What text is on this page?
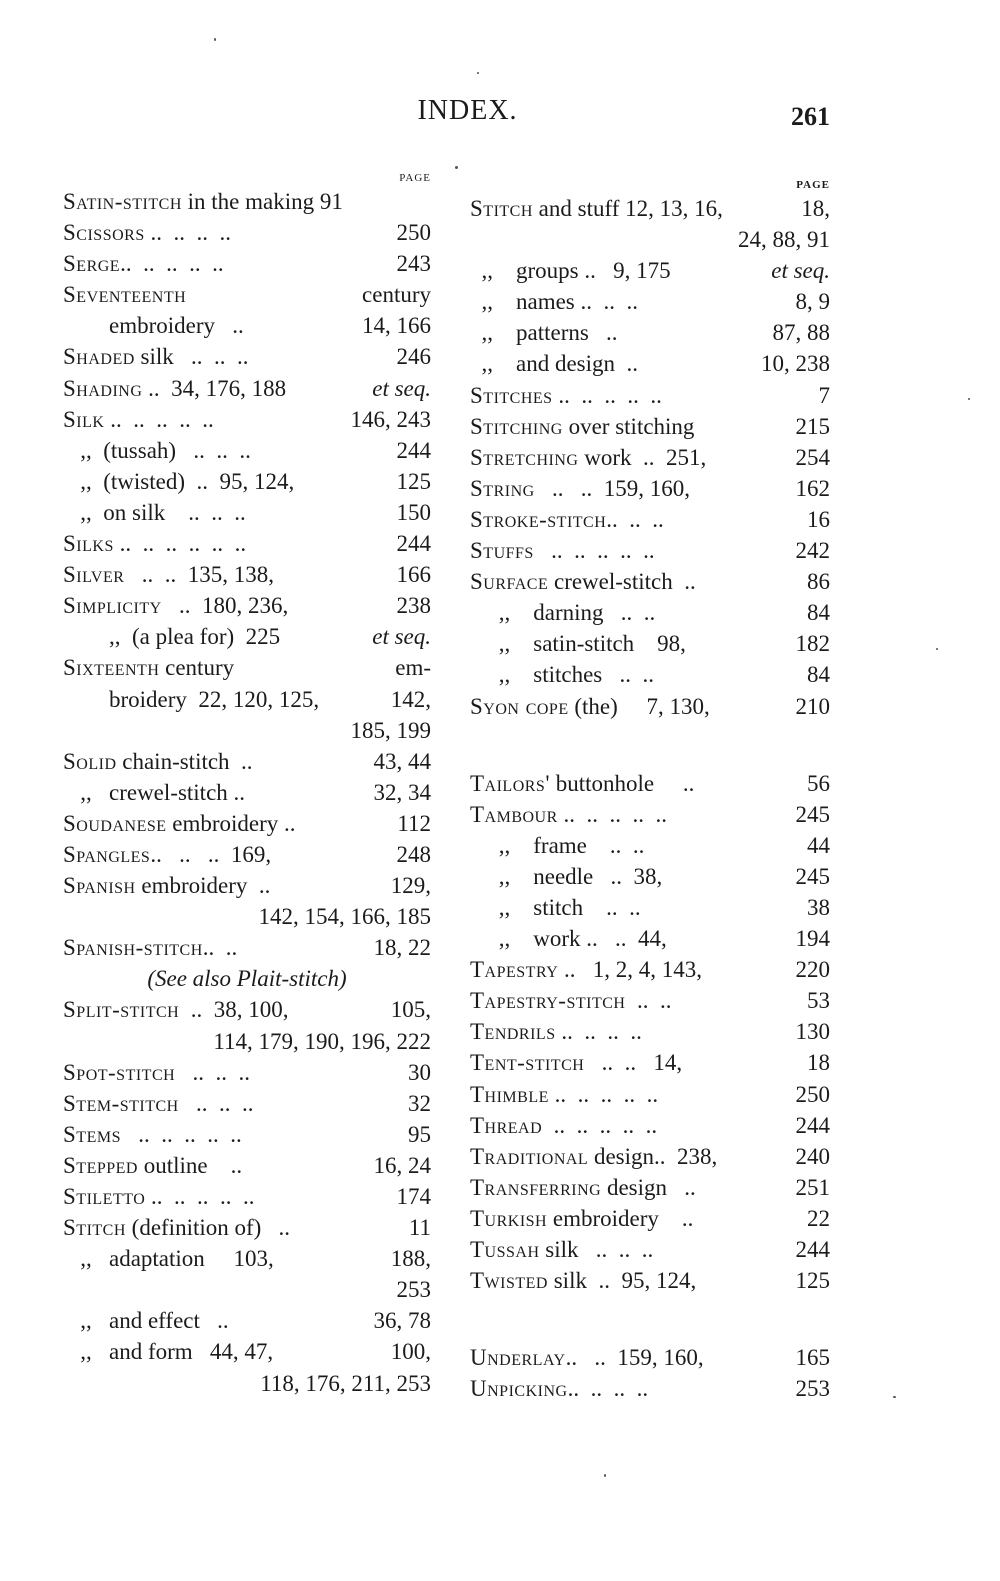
INDEX.	261
PAGE
Satin-stitch in the making 91
Scissors ..  ..  ..  ..	250
Serge..  ..  ..  ..  ..	243
Seventeenth	century
embroidery   ..	14, 166
Shaded silk   ..  ..  ..	246
Shading ..  34, 176, 188	et seq.
Silk ..  ..  ..  ..  ..	146, 243
,,  (tussah)   ..  ..  ..	244
,,  (twisted)  ..  95, 124,	125
,,  on silk    ..  ..  ..	150
Silks ..  ..  ..  ..  ..  ..	244
Silver   ..  ..  135, 138,	166
Simplicity   ..  180, 236,	238
,,  (a plea for)  225	et seq.
Sixteenth century	em-
broidery  22, 120, 125,	142,
185, 199
Solid chain-stitch  ..	43, 44
,,   crewel-stitch ..	32, 34
Soudanese embroidery ..	112
Spangles..   ..   ..  169,	248
Spanish embroidery  ..	129,
142, 154, 166, 185
Spanish-stitch..  ..	18, 22
(See also Plait-stitch)
Split-stitch  ..  38, 100,	105,
114, 179, 190, 196, 222
Spot-stitch   ..  ..  ..	30
Stem-stitch   ..  ..  ..	32
Stems   ..  ..  ..  ..  ..	95
Stepped outline    ..	16, 24
Stiletto ..  ..  ..  ..  ..	174
Stitch (definition of)   ..	11
,,   adaptation     103,	188,
253
,,   and effect   ..	36, 78
,,   and form   44, 47,	100,
118, 176, 211, 253
PAGE
Stitch and stuff 12, 13, 16,	18,
24, 88, 91
,,    groups ..   9, 175	et seq.
,,    names ..  ..  ..	8, 9
,,    patterns   ..	87, 88
,,    and design  ..	10, 238
Stitches ..  ..  ..  ..  ..	7
Stitching over stitching	215
Stretching work  ..  251,	254
String   ..   ..  159, 160,	162
Stroke-stitch..  ..  ..	16
Stuffs   ..  ..  ..  ..  ..	242
Surface crewel-stitch  ..	86
,,    darning   ..  ..	84
,,    satin-stitch    98,	182
,,    stitches   ..  ..	84
Syon cope (the)     7, 130,	210
Tailors' buttonhole     ..	56
Tambour ..  ..  ..  ..  ..	245
,,    frame    ..  ..	44
,,    needle   ..  38,	245
,,    stitch    ..  ..	38
,,    work ..   ..  44,	194
Tapestry ..   1, 2, 4, 143,	220
Tapestry-stitch  ..  ..	53
Tendrils ..  ..  ..  ..	130
Tent-stitch   ..  ..   14,	18
Thimble ..  ..  ..  ..  ..	250
Thread  ..  ..  ..  ..  ..	244
Traditional design..  238,	240
Transferring design   ..	251
Turkish embroidery    ..	22
Tussah silk   ..  ..  ..	244
Twisted silk  ..  95, 124,	125
Underlay..   ..  159, 160,	165
Unpicking..  ..  ..  ..	253
